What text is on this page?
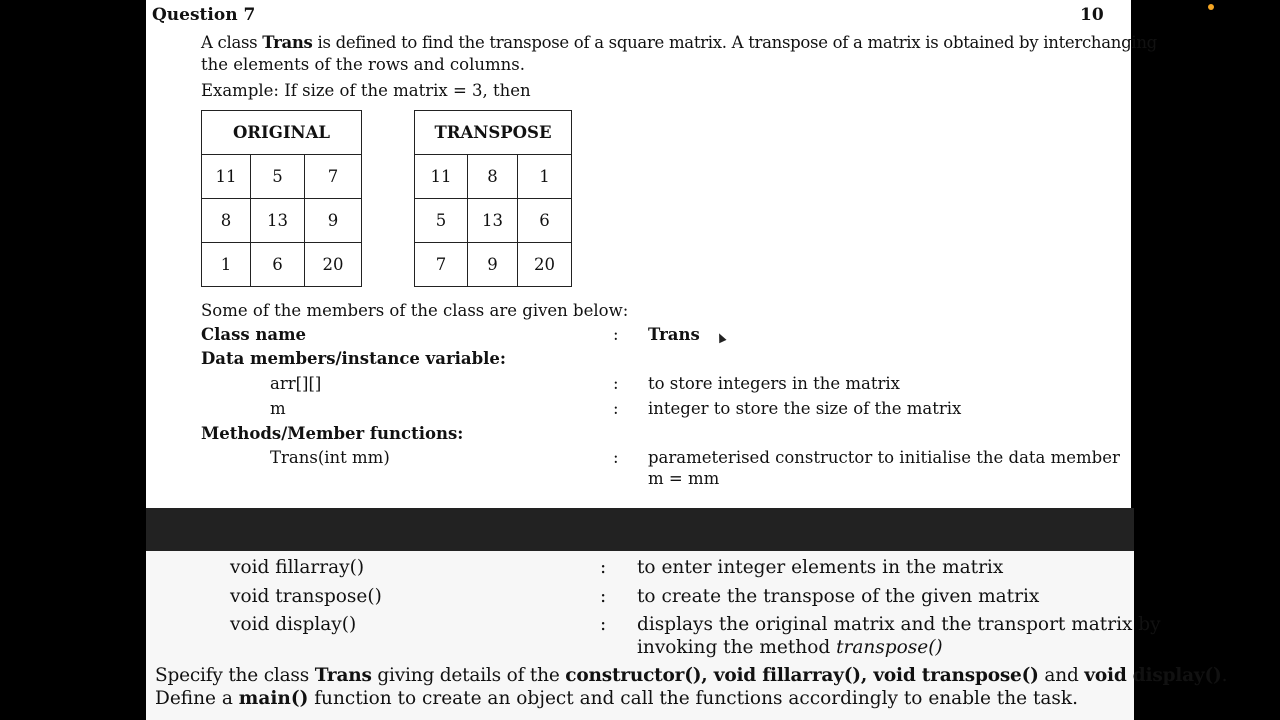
Question 7	10
A class Trans is defined to find the transpose of a square matrix. A transpose of a matrix is obtained by interchanging
the elements of the rows and columns.
Example: If size of the matrix = 3, then
ORIGINAL		
11	5	7
8	13	9
1	6	20
TRANSPOSE		
11	8	1
5	13	6
7	9	20
Some of the members of the class are given below:
Class name	: Trans
Data members/instance variable:
arr[][]	: to store integers in the matrix
m	: integer to store the size of the matrix
Methods/Member functions:
Trans(int mm)	: parameterised constructor to initialise the data member
m = mm
void fillarray()	: to enter integer elements in the matrix
void transpose()	: to create the transpose of the given matrix
void display()	: displays the original matrix and the transport matrix by
invoking the method transpose()
Specify the class Trans giving details of the constructor(), void fillarray(), void transpose() and void display().
Define a main() function to create an object and call the functions accordingly to enable the task.
